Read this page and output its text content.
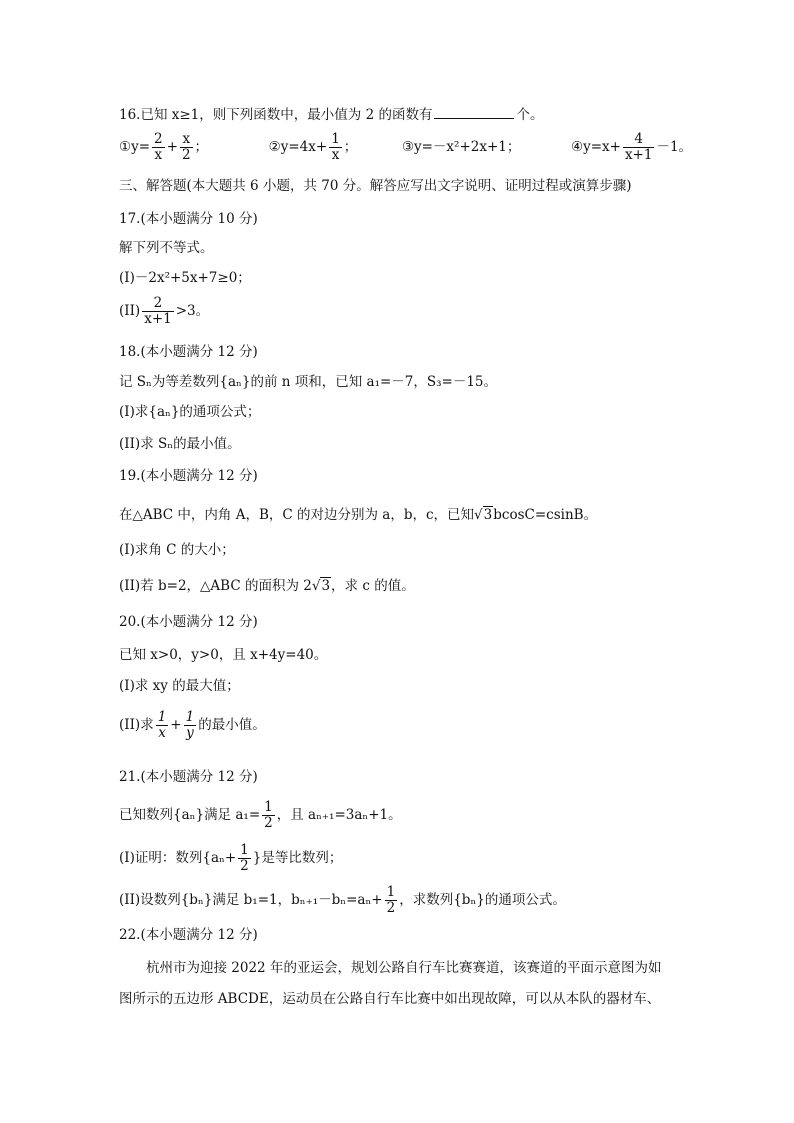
16.已知 x≥1，则下列函数中，最小值为 2 的函数有	个。
①y= $\frac{2}{x} + \frac{x}{2}$ ；	②y=4x+ $\frac{1}{x}$ ；	③y=－x²+2x+1；	④y=x+ $\frac{4}{x+1} -1$。
三、解答题(本大题共 6 小题，共 70 分。解答应写出文字说明、证明过程或演算步骤)
17.(本小题满分 10 分)
解下列不等式。
(I)－2x²+5x+7≥0；
$(II) \frac{2}{x+1} >3$。
18.(本小题满分 12 分)
记 Sₙ为等差数列{aₙ}的前 n 项和，已知 a₁=－7，S₃=－15。
(I)求{aₙ}的通项公式；
(II)求 Sₙ的最小值。
19.(本小题满分 12 分)
在△ABC 中，内角 A，B，C 的对边分别为 a，b，c，已知√3bcosC=csinB。
(I)求角 C 的大小；
(II)若 b=2，△ABC 的面积为 2√3，求 c 的值。
20.(本小题满分 12 分)
已知 x>0，y>0，且 x+4y=40。
(I)求 xy 的最大值；
(II)求 $\frac{1}{x} + \frac{1}{y}$ 的最小值。
21.(本小题满分 12 分)
已知数列{aₙ}满足 $a_1= \frac{1}{2}$ ，且 aₙ₊₁=3aₙ+1。
(I)证明：数列{$a_n+ \frac{1}{2}$ }是等比数列；
(II)设数列{bₙ}满足 b₁=1，$b_{n+1}-b_n=a_n+ \frac{1}{2}$ ，求数列{bₙ}的通项公式。
22.(本小题满分 12 分)
杭州市为迎接 2022 年的亚运会，规划公路自行车比赛赛道，该赛道的平面示意图为如
图所示的五边形 ABCDE，运动员在公路自行车比赛中如出现故障，可以从本队的器材车、
